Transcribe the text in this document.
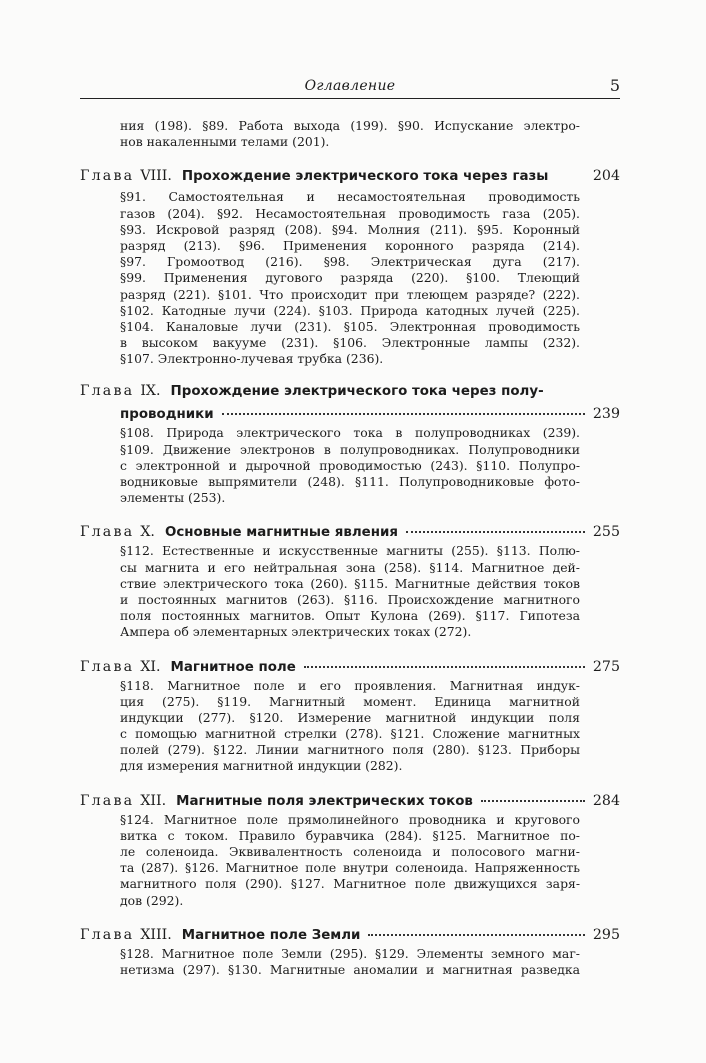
Оглавление	5
ния (198). §89. Работа выхода (199). §90. Испускание электро-
нов накаленными телами (201).
Глава VIII. Прохождение электрического тока через газы	204
§91. Самостоятельная и несамостоятельная проводимость
газов (204). §92. Несамостоятельная проводимость газа (205).
§93. Искровой разряд (208). §94. Молния (211). §95. Коронный
разряд (213). §96. Применения коронного разряда (214).
§97. Громоотвод (216). §98. Электрическая дуга (217).
§99. Применения дугового разряда (220). §100. Тлеющий
разряд (221). §101. Что происходит при тлеющем разряде? (222).
§102. Катодные лучи (224). §103. Природа катодных лучей (225).
§104. Каналовые лучи (231). §105. Электронная проводимость
в высоком вакууме (231). §106. Электронные лампы (232).
§107. Электронно-лучевая трубка (236).
Глава IX. Прохождение электрического тока через полу-
проводники	239
§108. Природа электрического тока в полупроводниках (239).
§109. Движение электронов в полупроводниках. Полупроводники
с электронной и дырочной проводимостью (243). §110. Полупро-
водниковые выпрямители (248). §111. Полупроводниковые фото-
элементы (253).
Глава X. Основные магнитные явления	255
§112. Естественные и искусственные магниты (255). §113. Полю-
сы магнита и его нейтральная зона (258). §114. Магнитное дей-
ствие электрического тока (260). §115. Магнитные действия токов
и постоянных магнитов (263). §116. Происхождение магнитного
поля постоянных магнитов. Опыт Кулона (269). §117. Гипотеза
Ампера об элементарных электрических токах (272).
Глава XI. Магнитное поле	275
§118. Магнитное поле и его проявления. Магнитная индук-
ция (275). §119. Магнитный момент. Единица магнитной
индукции (277). §120. Измерение магнитной индукции поля
с помощью магнитной стрелки (278). §121. Сложение магнитных
полей (279). §122. Линии магнитного поля (280). §123. Приборы
для измерения магнитной индукции (282).
Глава XII. Магнитные поля электрических токов	284
§124. Магнитное поле прямолинейного проводника и кругового
витка с током. Правило буравчика (284). §125. Магнитное по-
ле соленоида. Эквивалентность соленоида и полосового магни-
та (287). §126. Магнитное поле внутри соленоида. Напряженность
магнитного поля (290). §127. Магнитное поле движущихся заря-
дов (292).
Глава XIII. Магнитное поле Земли	295
§128. Магнитное поле Земли (295). §129. Элементы земного маг-
нетизма (297). §130. Магнитные аномалии и магнитная разведка
